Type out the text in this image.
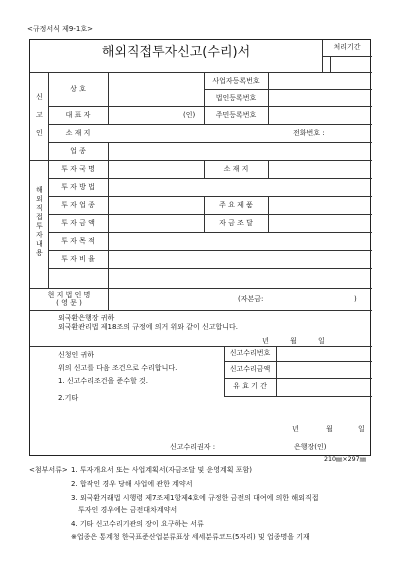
<규정서식 제9-1호>
해외직접투자신고(수리)서	처리기간
신
고
인
상 호
사업자등록번호
법인등록번호
대 표 자	(인)	주민등록번호
소 재 지	전화번호 :
업 종
해
외
직
접
투
자
내
용
투 자 국 명	소 재 지
투 자 방 법
투 자 업 종	주 요 제 품
투 자 금 액	자 금 조 달
투 자 목 적
투 자 비 율
현 지 법 인 명
( 영 문 )	(자본금:	)
외국환은행장 귀하
외국환관리법 제18조의 규정에 의거 위와 같이 신고합니다.
년	월	일
신청인 귀하
위의 신고를 다음 조건으로 수리합니다.
1. 신고수리조건을 준수할 것.
2.기타
신고수리번호
신고수리금액
유 효 기 간
년	월	일
신고수리권자 :	은행장(인)
210㎜×297㎜
<첨부서류> 1. 투자개요서 또는 사업계획서(자금조달 및 운영계획 포함)
2. 합작인 경우 당해 사업에 관한 계약서
3. 외국환거래법 시행령 제7조제1항제4호에 규정한 금전의 대여에 의한 해외직접
투자인 경우에는 금전대차계약서
4. 기타 신고수리기관의 장이 요구하는 서류
※업종은 통계청 한국표준산업분류표상 세세분류코드(5자리) 및 업종명을 기재
